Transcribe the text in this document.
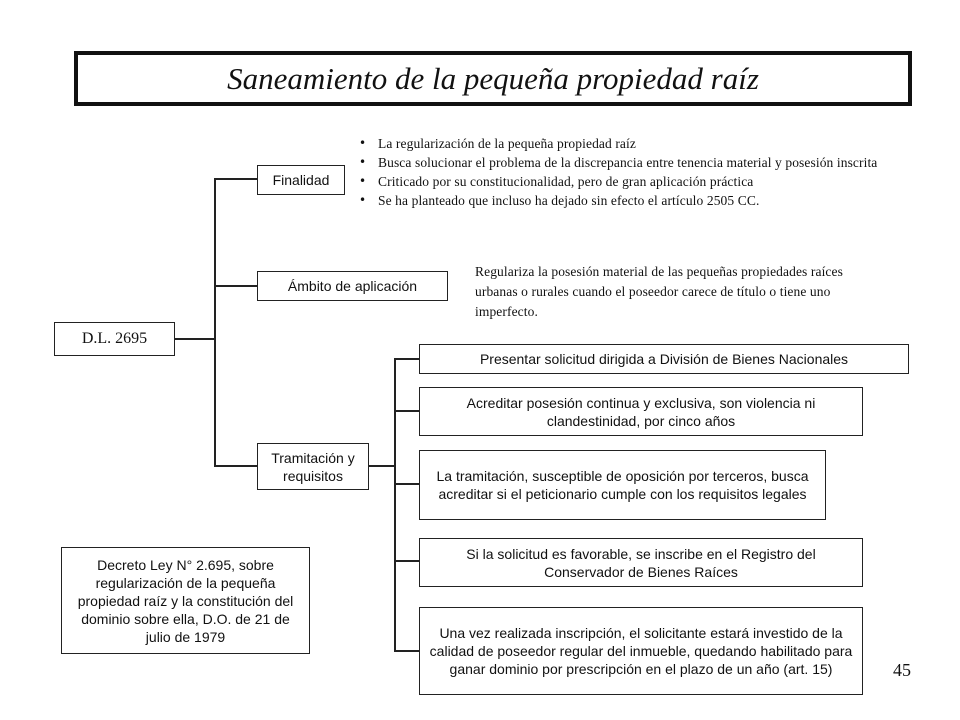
Saneamiento de la pequeña propiedad raíz
D.L. 2695
Finalidad
Ámbito de aplicación
Tramitación y requisitos
• La regularización de la pequeña propiedad raíz
• Busca solucionar el problema de la discrepancia entre tenencia material y posesión inscrita
• Criticado por su constitucionalidad, pero de gran aplicación práctica
• Se ha planteado que incluso ha dejado sin efecto el artículo 2505 CC.
Regulariza la posesión material de las pequeñas propiedades raíces urbanas o rurales cuando el poseedor carece de título o tiene uno imperfecto.
Presentar solicitud dirigida a División de Bienes Nacionales
Acreditar posesión continua y exclusiva, son violencia ni clandestinidad, por cinco años
La tramitación, susceptible de oposición por terceros, busca acreditar si el peticionario cumple con los requisitos legales
Si la solicitud es favorable, se inscribe en el Registro del Conservador de Bienes Raíces
Una vez realizada inscripción, el solicitante estará investido de la calidad de poseedor regular del inmueble, quedando habilitado para ganar dominio por prescripción en el plazo de un año (art. 15)
Decreto Ley N° 2.695, sobre regularización de la pequeña propiedad raíz y la constitución del dominio sobre ella, D.O. de 21 de julio de 1979
45
